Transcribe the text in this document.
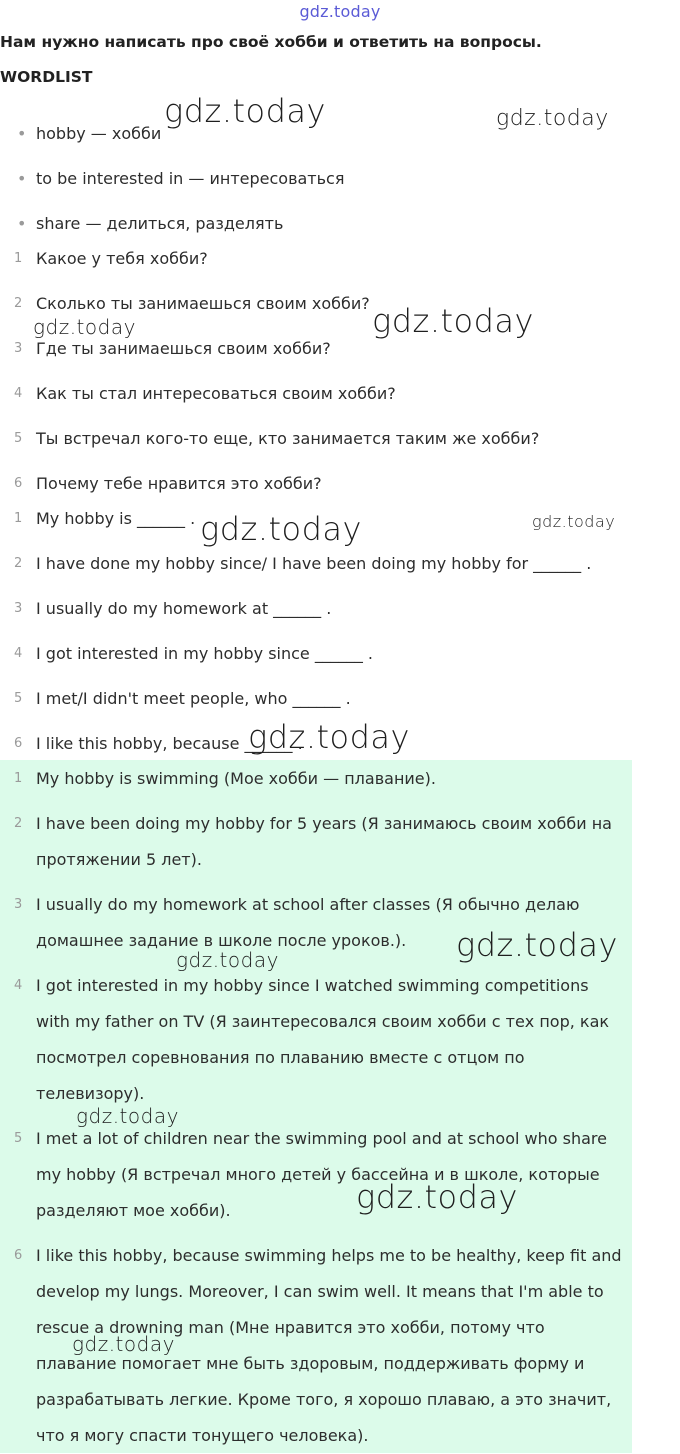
gdz.today
Нам нужно написать про своё хобби и ответить на вопросы.
WORDLIST
• hobby — хобби
• to be interested in — интересоваться
• share — делиться, разделять
1 Какое у тебя хобби?
2 Сколько ты занимаешься своим хобби?
3 Где ты занимаешься своим хобби?
4 Как ты стал интересоваться своим хобби?
5 Ты встречал кого-то еще, кто занимается таким же хобби?
6 Почему тебе нравится это хобби?
1 My hobby is ______ .
2 I have done my hobby since/ I have been doing my hobby for ______ .
3 I usually do my homework at ______ .
4 I got interested in my hobby since ______ .
5 I met/I didn't meet people, who ______ .
6 I like this hobby, because ______ .
1 My hobby is swimming (Мое хобби — плавание).
2 I have been doing my hobby for 5 years (Я занимаюсь своим хобби на
протяжении 5 лет).
3 I usually do my homework at school after classes (Я обычно делаю
домашнее задание в школе после уроков.).
4 I got interested in my hobby since I watched swimming competitions
with my father on TV (Я заинтересовался своим хобби с тех пор, как
посмотрел соревнования по плаванию вместе с отцом по
телевизору).
5 I met a lot of children near the swimming pool and at school who share
my hobby (Я встречал много детей у бассейна и в школе, которые
разделяют мое хобби).
6 I like this hobby, because swimming helps me to be healthy, keep fit and
develop my lungs. Moreover, I can swim well. It means that I'm able to
rescue a drowning man (Мне нравится это хобби, потому что
плавание помогает мне быть здоровым, поддерживать форму и
разрабатывать легкие. Кроме того, я хорошо плаваю, а это значит,
что я могу спасти тонущего человека).
gdz.today	gdz.today
gdz.today	gdz.today
gdz.today	gdz.today
gdz.today
gdz.today
gdz.today
gdz.today
gdz.today
gdz.today
